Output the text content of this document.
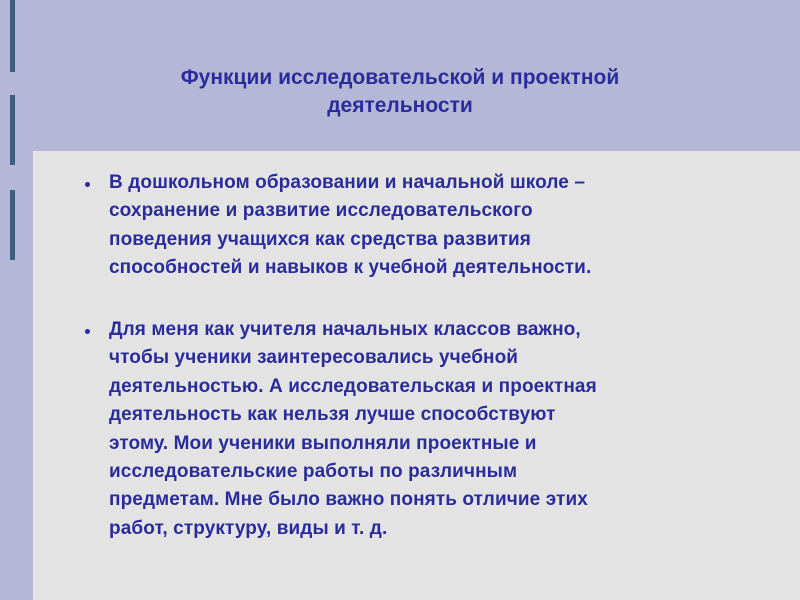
Функции исследовательской и проектной
деятельности
В дошкольном образовании и начальной школе –
сохранение и развитие исследовательского
поведения учащихся как средства развития
способностей и навыков к учебной деятельности.
Для меня как учителя начальных классов важно,
чтобы ученики заинтересовались учебной
деятельностью. А исследовательская и проектная
деятельность как нельзя лучше способствуют
этому. Мои ученики выполняли проектные и
исследовательские работы по различным
предметам. Мне было важно понять отличие этих
работ, структуру, виды и т. д.
